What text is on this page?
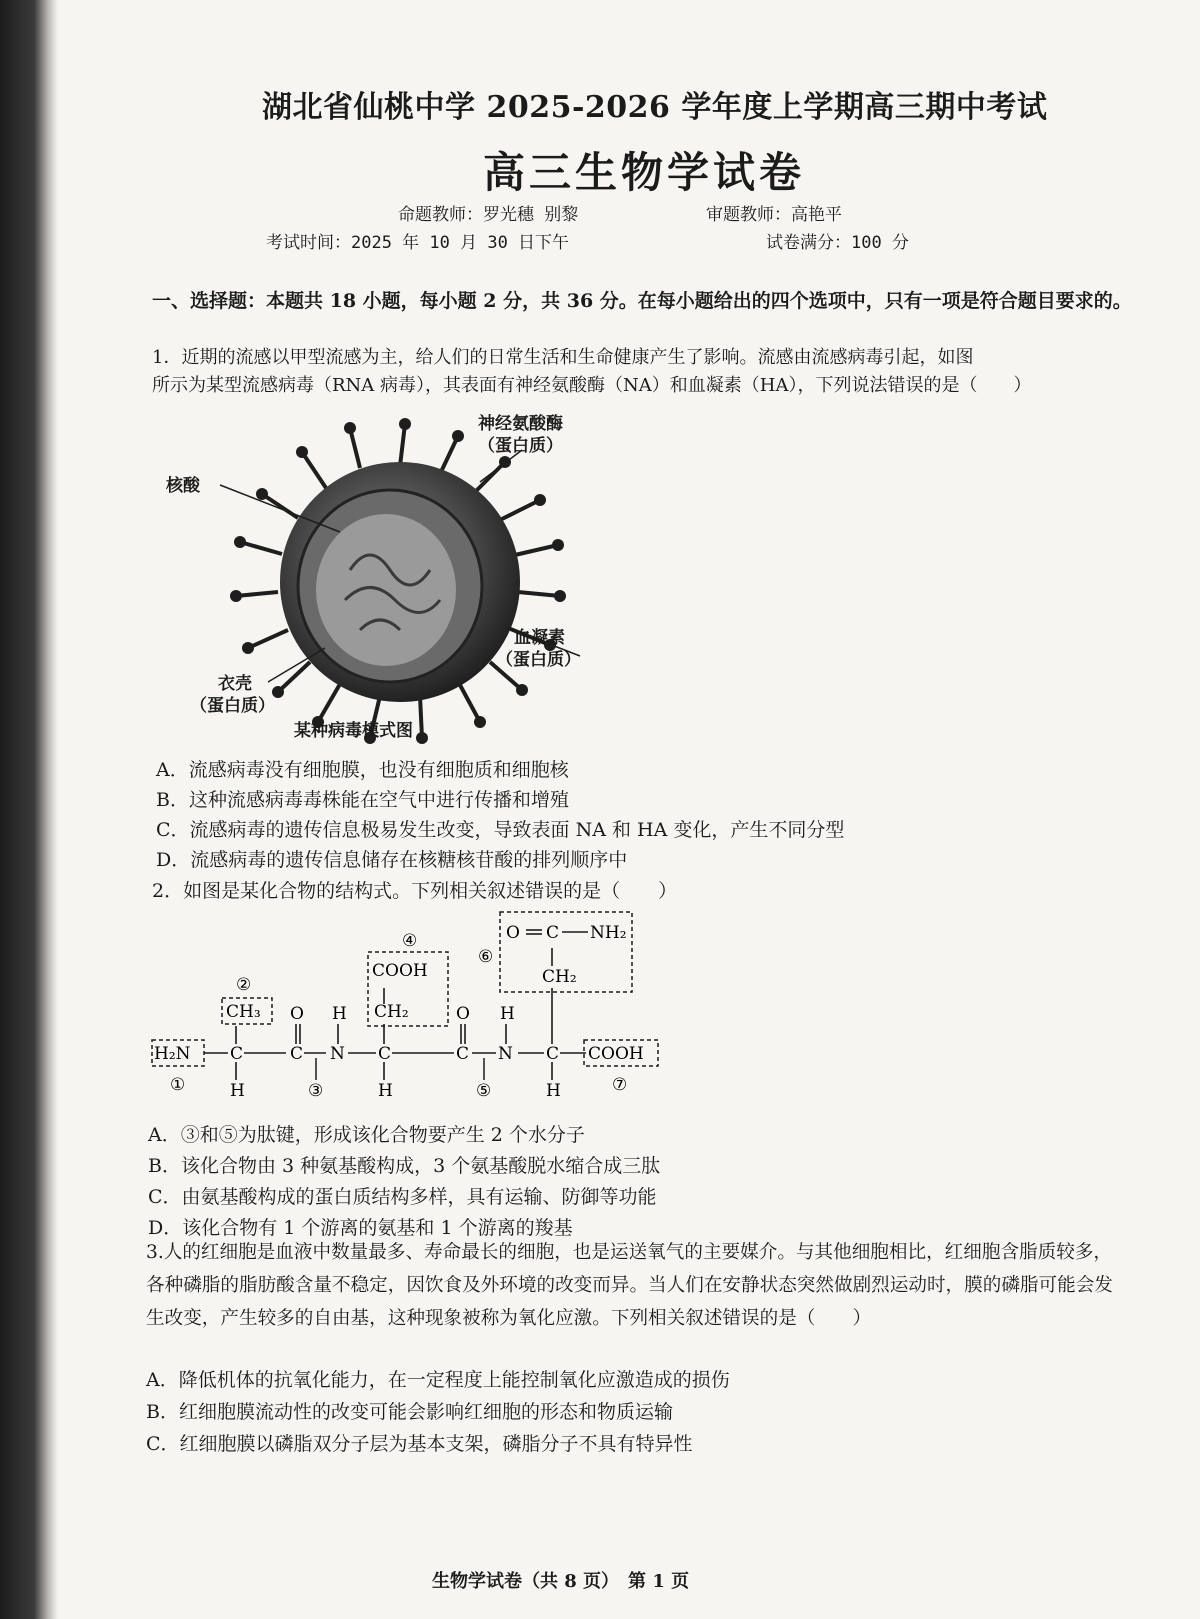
湖北省仙桃中学 2025-2026 学年度上学期高三期中考试
高三生物学试卷
命题教师：罗光穗 别黎	审题教师：高艳平
考试时间：2025 年 10 月 30 日下午	试卷满分：100 分
一、选择题：本题共 18 小题，每小题 2 分，共 36 分。在每小题给出的四个选项中，只有一项是符合题目要求的。
1．近期的流感以甲型流感为主，给人们的日常生活和生命健康产生了影响。流感由流感病毒引起，如图
所示为某型流感病毒（RNA 病毒），其表面有神经氨酸酶（NA）和血凝素（HA），下列说法错误的是（　　）
神经氨酸酶
（蛋白质）
核酸
血凝素
（蛋白质）
衣壳
（蛋白质）
某种病毒模式图
A．流感病毒没有细胞膜，也没有细胞质和细胞核
B．这种流感病毒毒株能在空气中进行传播和增殖
C．流感病毒的遗传信息极易发生改变，导致表面 NA 和 HA 变化，产生不同分型
D．流感病毒的遗传信息储存在核糖核苷酸的排列顺序中
2．如图是某化合物的结构式。下列相关叙述错误的是（　　）
H₂N C
CH₃
H
C
O
N
H
C
H
CH₂
COOH
C
O
N
H
C
H
CH₂
O C NH₂
COOH
①
②
③
④
⑤
⑥
⑦
A．③和⑤为肽键，形成该化合物要产生 2 个水分子
B．该化合物由 3 种氨基酸构成，3 个氨基酸脱水缩合成三肽
C．由氨基酸构成的蛋白质结构多样，具有运输、防御等功能
D．该化合物有 1 个游离的氨基和 1 个游离的羧基
3.人的红细胞是血液中数量最多、寿命最长的细胞，也是运送氧气的主要媒介。与其他细胞相比，红细胞含脂质较多，各种磷脂的脂肪酸含量不稳定，因饮食及外环境的改变而异。当人们在安静状态突然做剧烈运动时，膜的磷脂可能会发生改变，产生较多的自由基，这种现象被称为氧化应激。下列相关叙述错误的是（　　）
A．降低机体的抗氧化能力，在一定程度上能控制氧化应激造成的损伤
B．红细胞膜流动性的改变可能会影响红细胞的形态和物质运输
C．红细胞膜以磷脂双分子层为基本支架，磷脂分子不具有特异性
生物学试卷（共 8 页）　第 1 页
